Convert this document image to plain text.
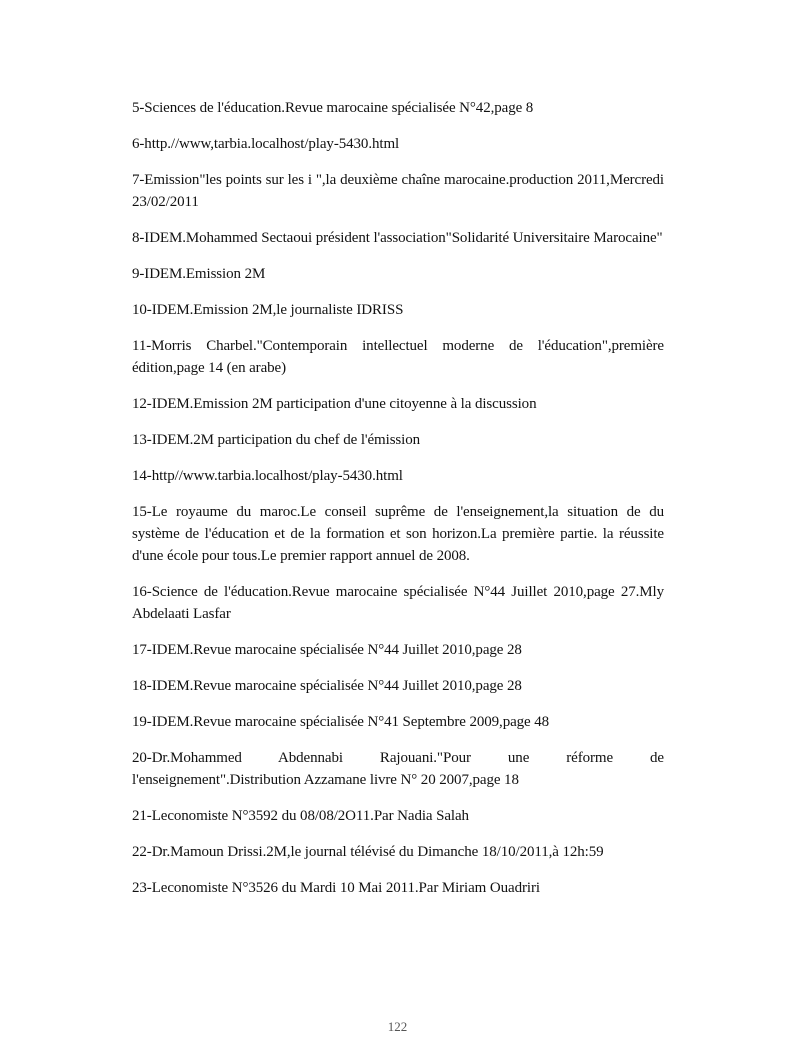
5-Sciences de l'éducation.Revue marocaine spécialisée N°42,page 8
6-http.//www,tarbia.localhost/play-5430.html
7-Emission"les points sur les i ",la deuxième chaîne marocaine.production 2011,Mercredi 23/02/2011
8-IDEM.Mohammed Sectaoui président l'association"Solidarité Universitaire Marocaine"
9-IDEM.Emission 2M
10-IDEM.Emission 2M,le journaliste IDRISS
11-Morris Charbel."Contemporain intellectuel moderne de l'éducation",première édition,page 14 (en arabe)
12-IDEM.Emission 2M participation d'une citoyenne à la discussion
13-IDEM.2M participation du chef de l'émission
14-http//www.tarbia.localhost/play-5430.html
15-Le royaume du maroc.Le conseil suprême de l'enseignement,la situation de du système de l'éducation et de la formation et son horizon.La première partie. la réussite d'une école pour tous.Le premier rapport annuel de 2008.
16-Science de l'éducation.Revue marocaine spécialisée N°44 Juillet 2010,page 27.Mly Abdelaati Lasfar
17-IDEM.Revue marocaine spécialisée N°44 Juillet 2010,page 28
18-IDEM.Revue marocaine spécialisée N°44 Juillet 2010,page 28
19-IDEM.Revue marocaine spécialisée N°41 Septembre 2009,page 48
20-Dr.Mohammed Abdennabi Rajouani."Pour une réforme de l'enseignement".Distribution Azzamane livre N° 20 2007,page 18
21-Leconomiste N°3592 du 08/08/2O11.Par Nadia Salah
22-Dr.Mamoun Drissi.2M,le journal télévisé du Dimanche 18/10/2011,à 12h:59
23-Leconomiste N°3526 du Mardi 10 Mai 2011.Par Miriam Ouadriri
122
